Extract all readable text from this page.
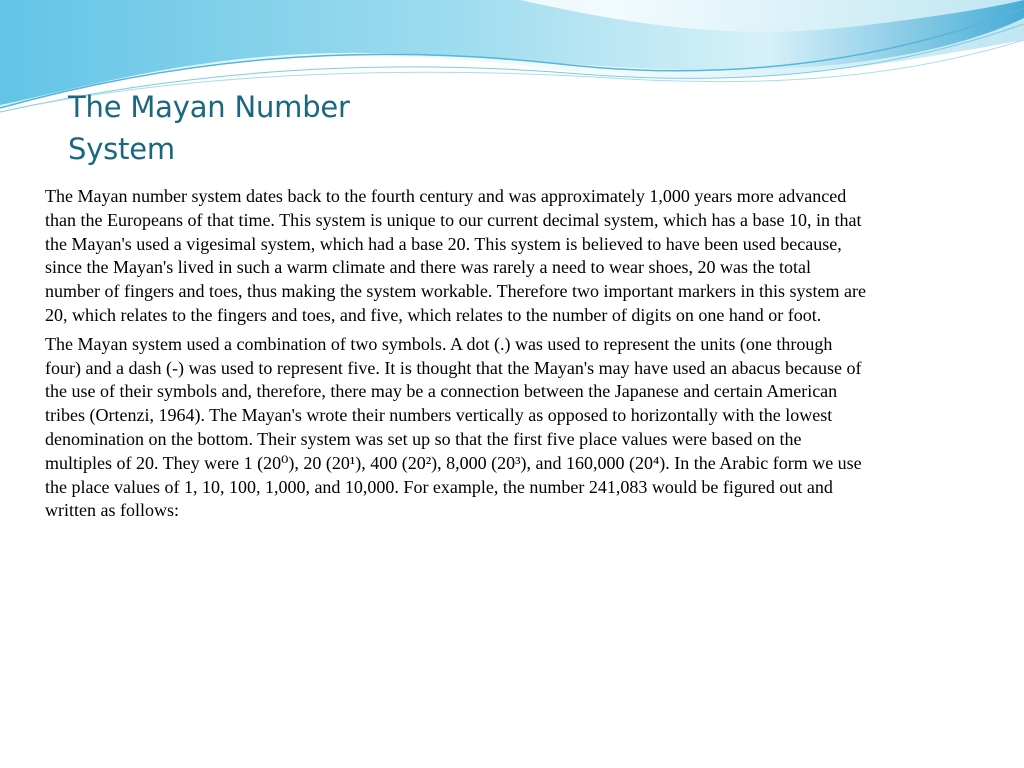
The Mayan Number
System

The Mayan number system dates back to the fourth century and was approximately 1,000 years more advanced than the Europeans of that time. This system is unique to our current decimal system, which has a base 10, in that the Mayan's used a vigesimal system, which had a base 20. This system is believed to have been used because, since the Mayan's lived in such a warm climate and there was rarely a need to wear shoes, 20 was the total number of fingers and toes, thus making the system workable. Therefore two important markers in this system are 20, which relates to the fingers and toes, and five, which relates to the number of digits on one hand or foot.

The Mayan system used a combination of two symbols. A dot (.) was used to represent the units (one through four) and a dash (-) was used to represent five. It is thought that the Mayan's may have used an abacus because of the use of their symbols and, therefore, there may be a connection between the Japanese and certain American tribes (Ortenzi, 1964). The Mayan's wrote their numbers vertically as opposed to horizontally with the lowest denomination on the bottom. Their system was set up so that the first five place values were based on the multiples of 20. They were 1 (20⁰), 20 (20¹), 400 (20²), 8,000 (20³), and 160,000 (20⁴). In the Arabic form we use the place values of 1, 10, 100, 1,000, and 10,000. For example, the number 241,083 would be figured out and written as follows:
